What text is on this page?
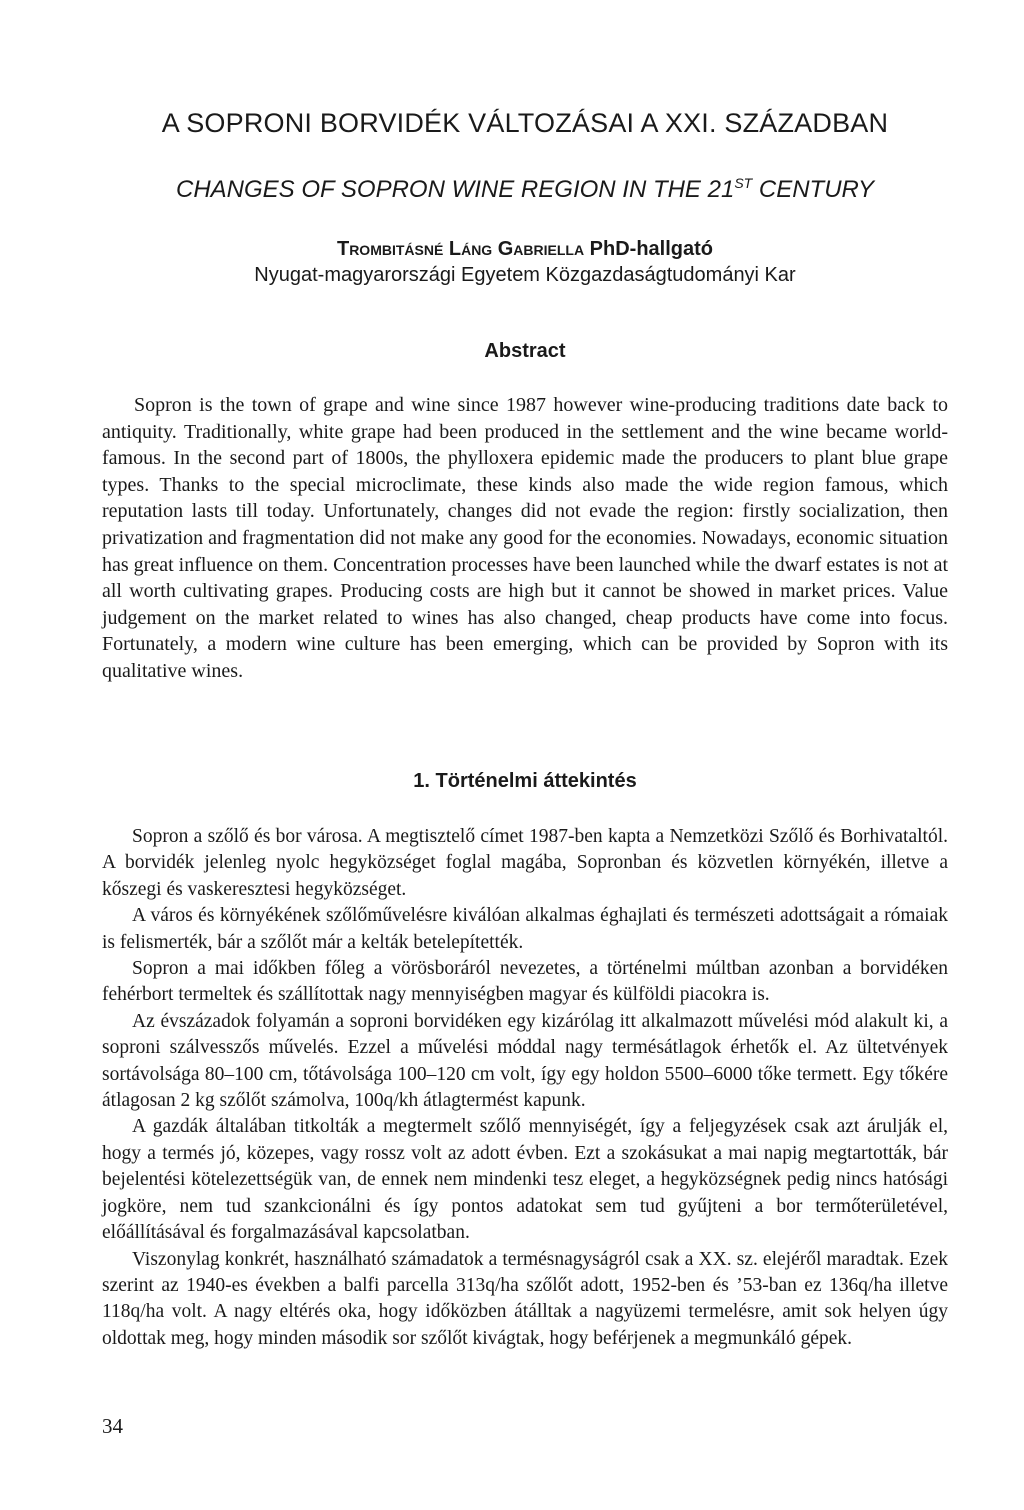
A SOPRONI BORVIDÉK VÁLTOZÁSAI A XXI. SZÁZADBAN
CHANGES OF SOPRON WINE REGION IN THE 21ST CENTURY
Trombitásné Láng Gabriella PhD-hallgató
Nyugat-magyarországi Egyetem Közgazdaságtudományi Kar
Abstract

Sopron is the town of grape and wine since 1987 however wine-producing traditions date back to antiquity. Traditionally, white grape had been produced in the settlement and the wine became world-famous. In the second part of 1800s, the phylloxera epidemic made the producers to plant blue grape types. Thanks to the special microclimate, these kinds also made the wide region famous, which reputation lasts till today. Unfortunately, changes did not evade the region: firstly socialization, then privatization and fragmentation did not make any good for the economies. Nowadays, economic situation has great influence on them. Concentration processes have been launched while the dwarf estates is not at all worth cultivating grapes. Producing costs are high but it cannot be showed in market prices. Value judgement on the market related to wines has also changed, cheap products have come into focus. Fortunately, a modern wine culture has been emerging, which can be provided by Sopron with its qualitative wines.

1. Történelmi áttekintés

Sopron a szőlő és bor városa. A megtisztelő címet 1987-ben kapta a Nemzetközi Szőlő és Borhivataltól. A borvidék jelenleg nyolc hegyközséget foglal magába, Sopronban és közvetlen környékén, illetve a kőszegi és vaskeresztesi hegyközséget.

A város és környékének szőlőművelésre kiválóan alkalmas éghajlati és természeti adottságait a rómaiak is felismerték, bár a szőlőt már a kelták betelepítették.

Sopron a mai időkben főleg a vörösboráról nevezetes, a történelmi múltban azonban a borvidéken fehérbort termeltek és szállítottak nagy mennyiségben magyar és külföldi piacokra is.

Az évszázadok folyamán a soproni borvidéken egy kizárólag itt alkalmazott művelési mód alakult ki, a soproni szálvesszős művelés. Ezzel a művelési móddal nagy termésátlagok érhetők el. Az ültetvények sortávolsága 80–100 cm, tőtávolsága 100–120 cm volt, így egy holdon 5500–6000 tőke termett. Egy tőkére átlagosan 2 kg szőlőt számolva, 100q/kh átlagtermést kapunk.

A gazdák általában titkolták a megtermelt szőlő mennyiségét, így a feljegyzések csak azt árulják el, hogy a termés jó, közepes, vagy rossz volt az adott évben. Ezt a szokásukat a mai napig megtartották, bár bejelentési kötelezettségük van, de ennek nem mindenki tesz eleget, a hegyközségnek pedig nincs hatósági jogköre, nem tud szankcionálni és így pontos adatokat sem tud gyűjteni a bor termőterületével, előállításával és forgalmazásával kapcsolatban.

Viszonylag konkrét, használható számadatok a termésnagyságról csak a XX. sz. elejéről maradtak. Ezek szerint az 1940-es években a balfi parcella 313q/ha szőlőt adott, 1952-ben és ’53-ban ez 136q/ha illetve 118q/ha volt. A nagy eltérés oka, hogy időközben átálltak a nagyüzemi termelésre, amit sok helyen úgy oldottak meg, hogy minden második sor szőlőt kivágtak, hogy beférjenek a megmunkáló gépek.

34
